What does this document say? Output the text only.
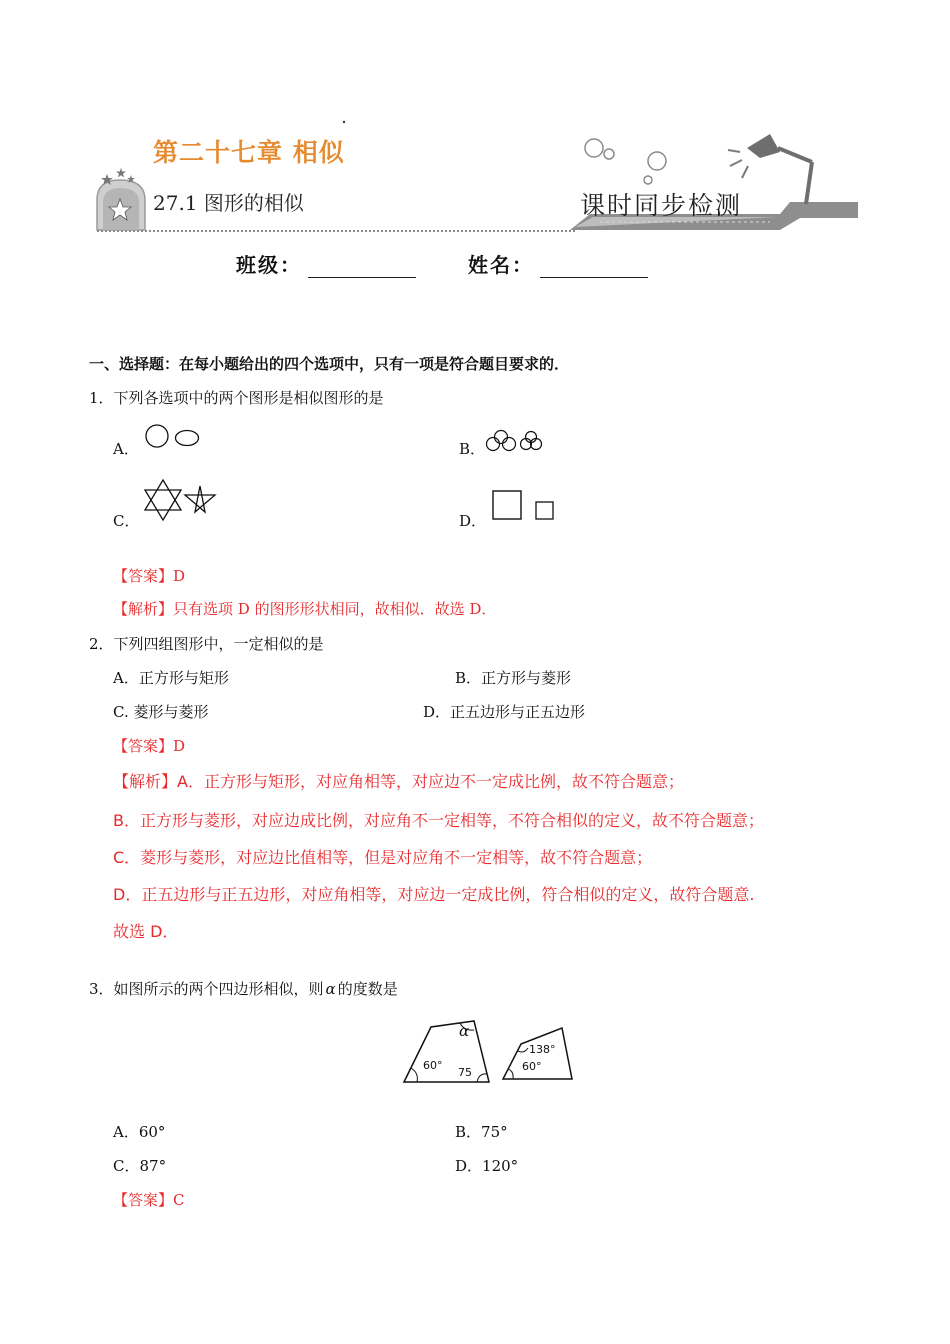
第二十七章 相似
27.1 图形的相似	课时同步检测
班级：	姓名：
一、选择题：在每小题给出的四个选项中，只有一项是符合题目要求的．
1．下列各选项中的两个图形是相似图形的是
A．	B．
C．	D．
【答案】D
【解析】只有选项 D 的图形形状相同，故相似．故选 D．
2．下列四组图形中，一定相似的是
A．正方形与矩形	B．正方形与菱形
C. 菱形与菱形	D．正五边形与正五边形
【答案】D
【解析】A．正方形与矩形，对应角相等，对应边不一定成比例，故不符合题意；
B．正方形与菱形，对应边成比例，对应角不一定相等，不符合相似的定义，故不符合题意；
C．菱形与菱形，对应边比值相等，但是对应角不一定相等，故不符合题意；
D．正五边形与正五边形，对应角相等，对应边一定成比例，符合相似的定义，故符合题意.
故选 D．
3．如图所示的两个四边形相似，则 α 的度数是
α
60°
75
138°
60°
A．60°	B．75°
C．87°	D．120°
【答案】C
